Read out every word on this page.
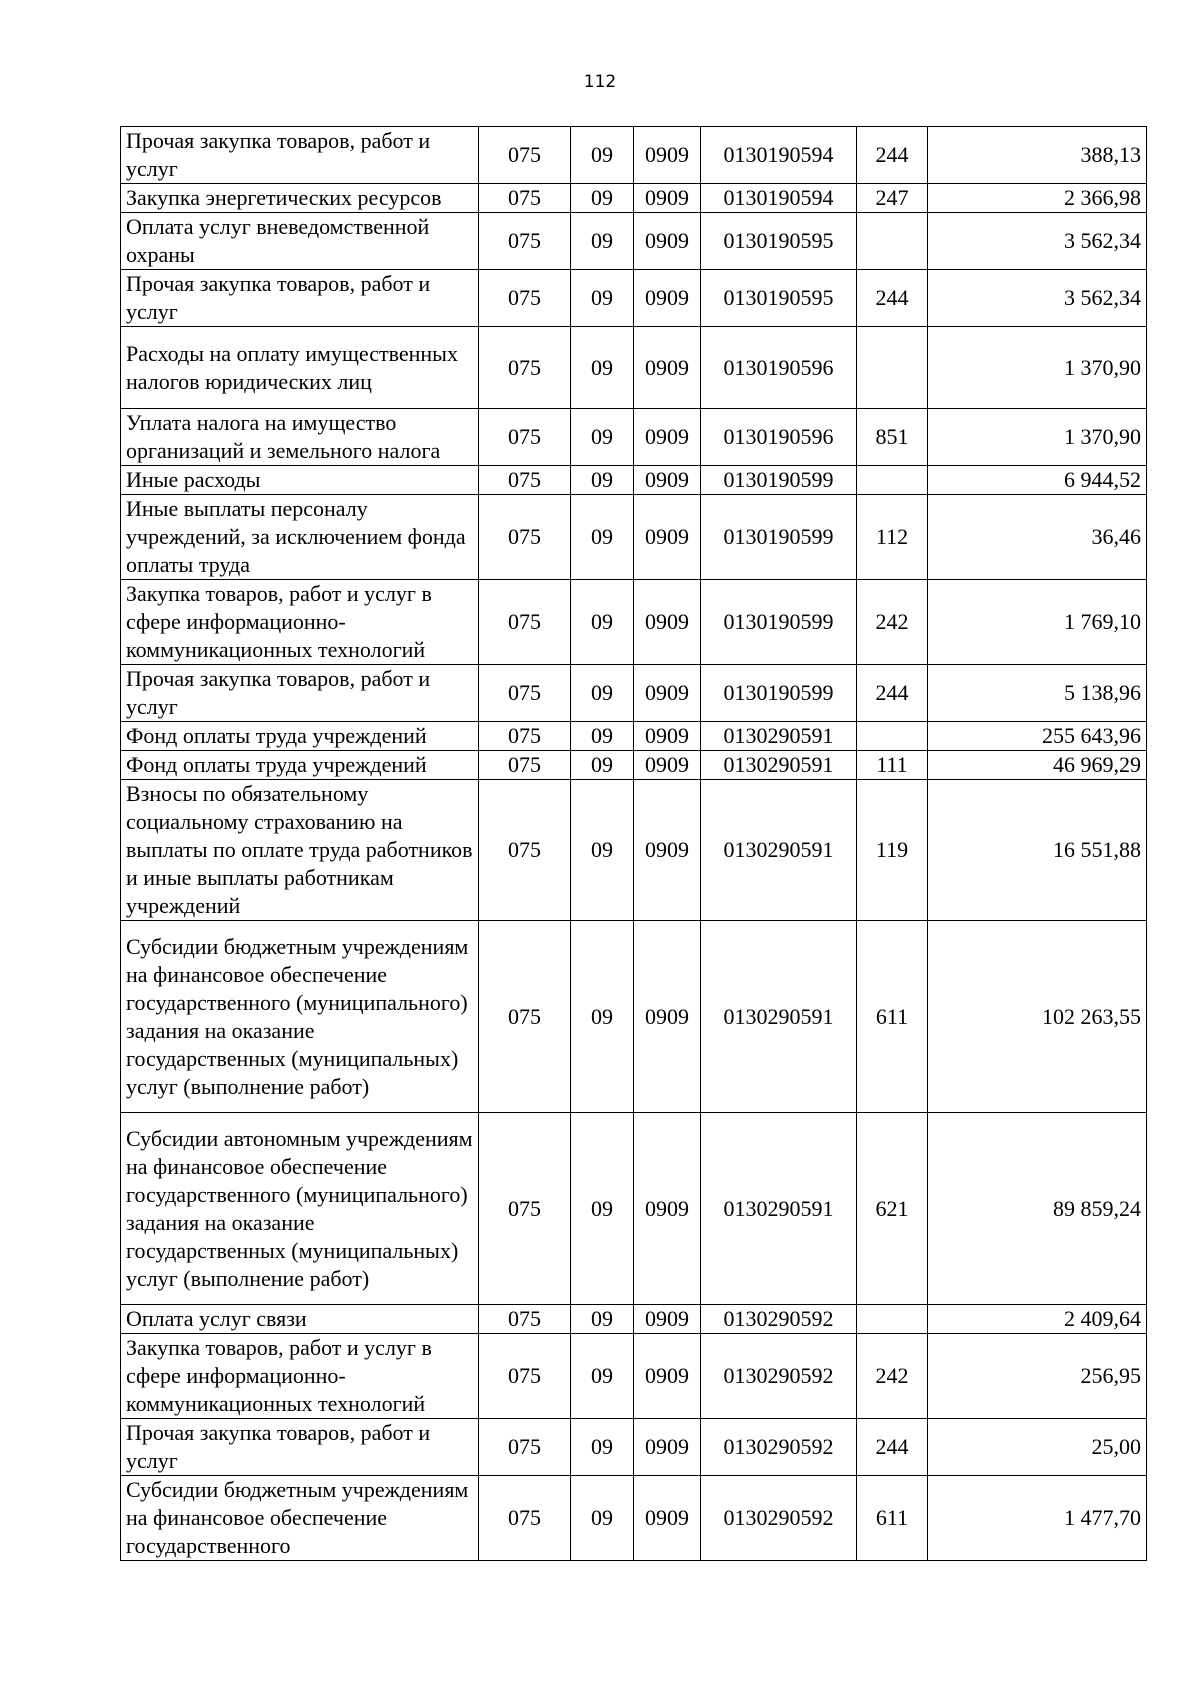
112
Прочая закупка товаров, работ и услуг	075	09	0909	0130190594	244	388,13
Закупка энергетических ресурсов	075	09	0909	0130190594	247	2 366,98
Оплата услуг вневедомственной охраны	075	09	0909	0130190595		3 562,34
Прочая закупка товаров, работ и услуг	075	09	0909	0130190595	244	3 562,34
Расходы на оплату имущественных налогов юридических лиц	075	09	0909	0130190596		1 370,90
Уплата налога на имущество организаций и земельного налога	075	09	0909	0130190596	851	1 370,90
Иные расходы	075	09	0909	0130190599		6 944,52
Иные выплаты персоналу учреждений, за исключением фонда оплаты труда	075	09	0909	0130190599	112	36,46
Закупка товаров, работ и услуг в сфере информационно-коммуникационных технологий	075	09	0909	0130190599	242	1 769,10
Прочая закупка товаров, работ и услуг	075	09	0909	0130190599	244	5 138,96
Фонд оплаты труда учреждений	075	09	0909	0130290591		255 643,96
Фонд оплаты труда учреждений	075	09	0909	0130290591	111	46 969,29
Взносы по обязательному социальному страхованию на выплаты по оплате труда работников и иные выплаты работникам учреждений	075	09	0909	0130290591	119	16 551,88
Субсидии бюджетным учреждениям на финансовое обеспечение государственного (муниципального) задания на оказание государственных (муниципальных) услуг (выполнение работ)	075	09	0909	0130290591	611	102 263,55
Субсидии автономным учреждениям на финансовое обеспечение государственного (муниципального) задания на оказание государственных (муниципальных) услуг (выполнение работ)	075	09	0909	0130290591	621	89 859,24
Оплата услуг связи	075	09	0909	0130290592		2 409,64
Закупка товаров, работ и услуг в сфере информационно-коммуникационных технологий	075	09	0909	0130290592	242	256,95
Прочая закупка товаров, работ и услуг	075	09	0909	0130290592	244	25,00
Субсидии бюджетным учреждениям на финансовое обеспечение государственного	075	09	0909	0130290592	611	1 477,70
